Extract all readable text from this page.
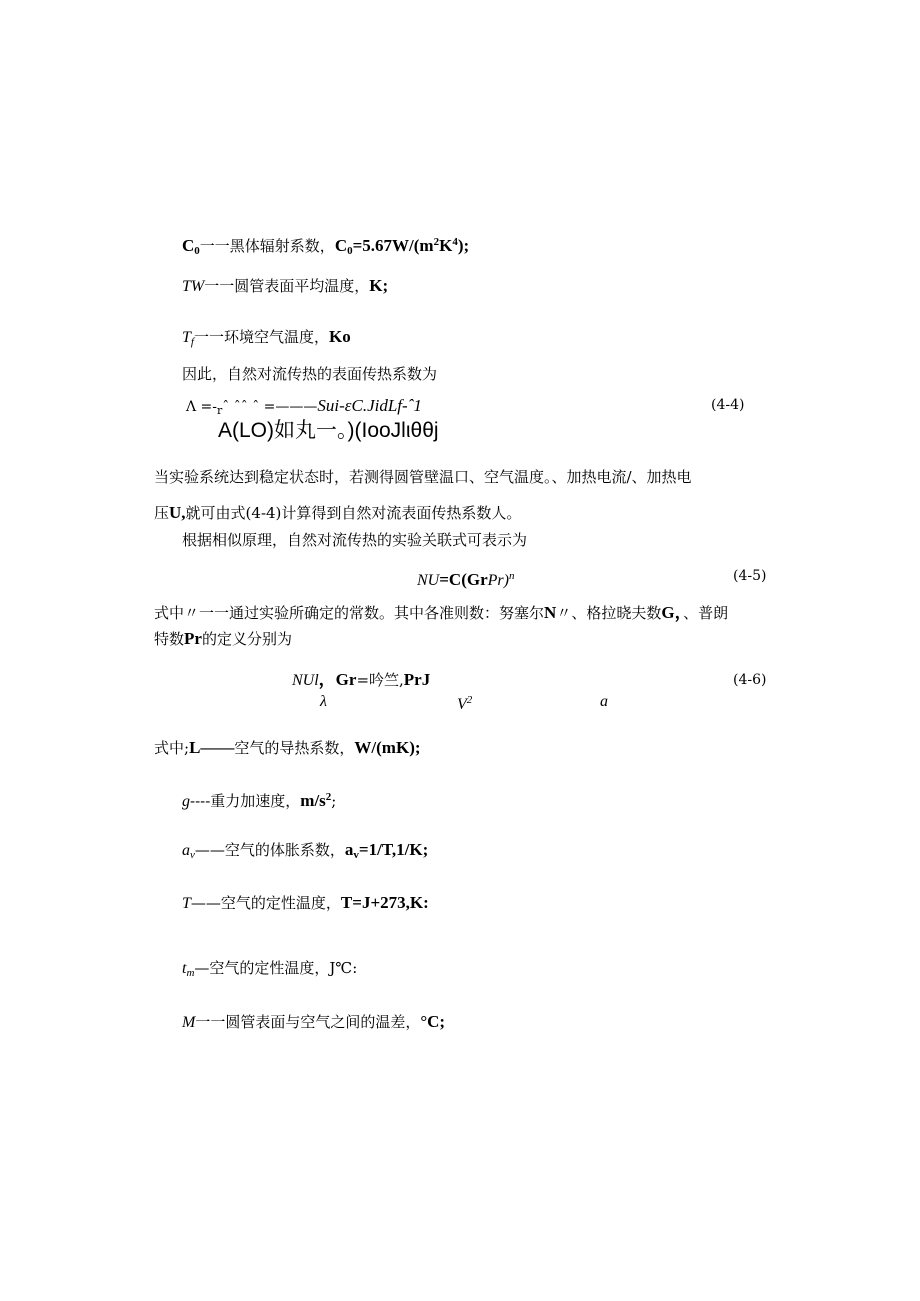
$C_0$一一黑体辐射系数，$C_0=5.67W/(m^2K^4)$;
TW一一圆管表面平均温度，K;
$T_f$一一环境空气温度，Ko
因此，自然对流传热的表面传热系数为
$\Lambda =-_rˆ$ ˆˆ ˆ =———Sui-εC.JidLf-ˆ1	(4-4)
A(LO)如丸一。)(IooJlιθθj
当实验系统达到稳定状态时，若测得圆管壁温口、空气温度。、加热电流/、加热电
压U,就可由式(4-4)计算得到自然对流表面传热系数人。
根据相似原理，自然对流传热的实验关联式可表示为
NU=C(GrPr)$^n$	(4-5)
式中〃一一通过实验所确定的常数。其中各准则数：努塞尔N〃、格拉晓夫数G，、普朗
特数Pr的定义分别为
NUl，Gr=吟竺,PrJ	(4-6)
λ	$V^2$	a
式中;L——空气的导热系数，W/(mK);
g----重力加速度，$m/s^2$;
$a_v——$空气的体胀系数，$a_v=1/T,1/K$;
T——空气的定性温度，T=J+273,K:
$t_m—$空气的定性温度，J℃:
M一一圆管表面与空气之间的温差，°C;
